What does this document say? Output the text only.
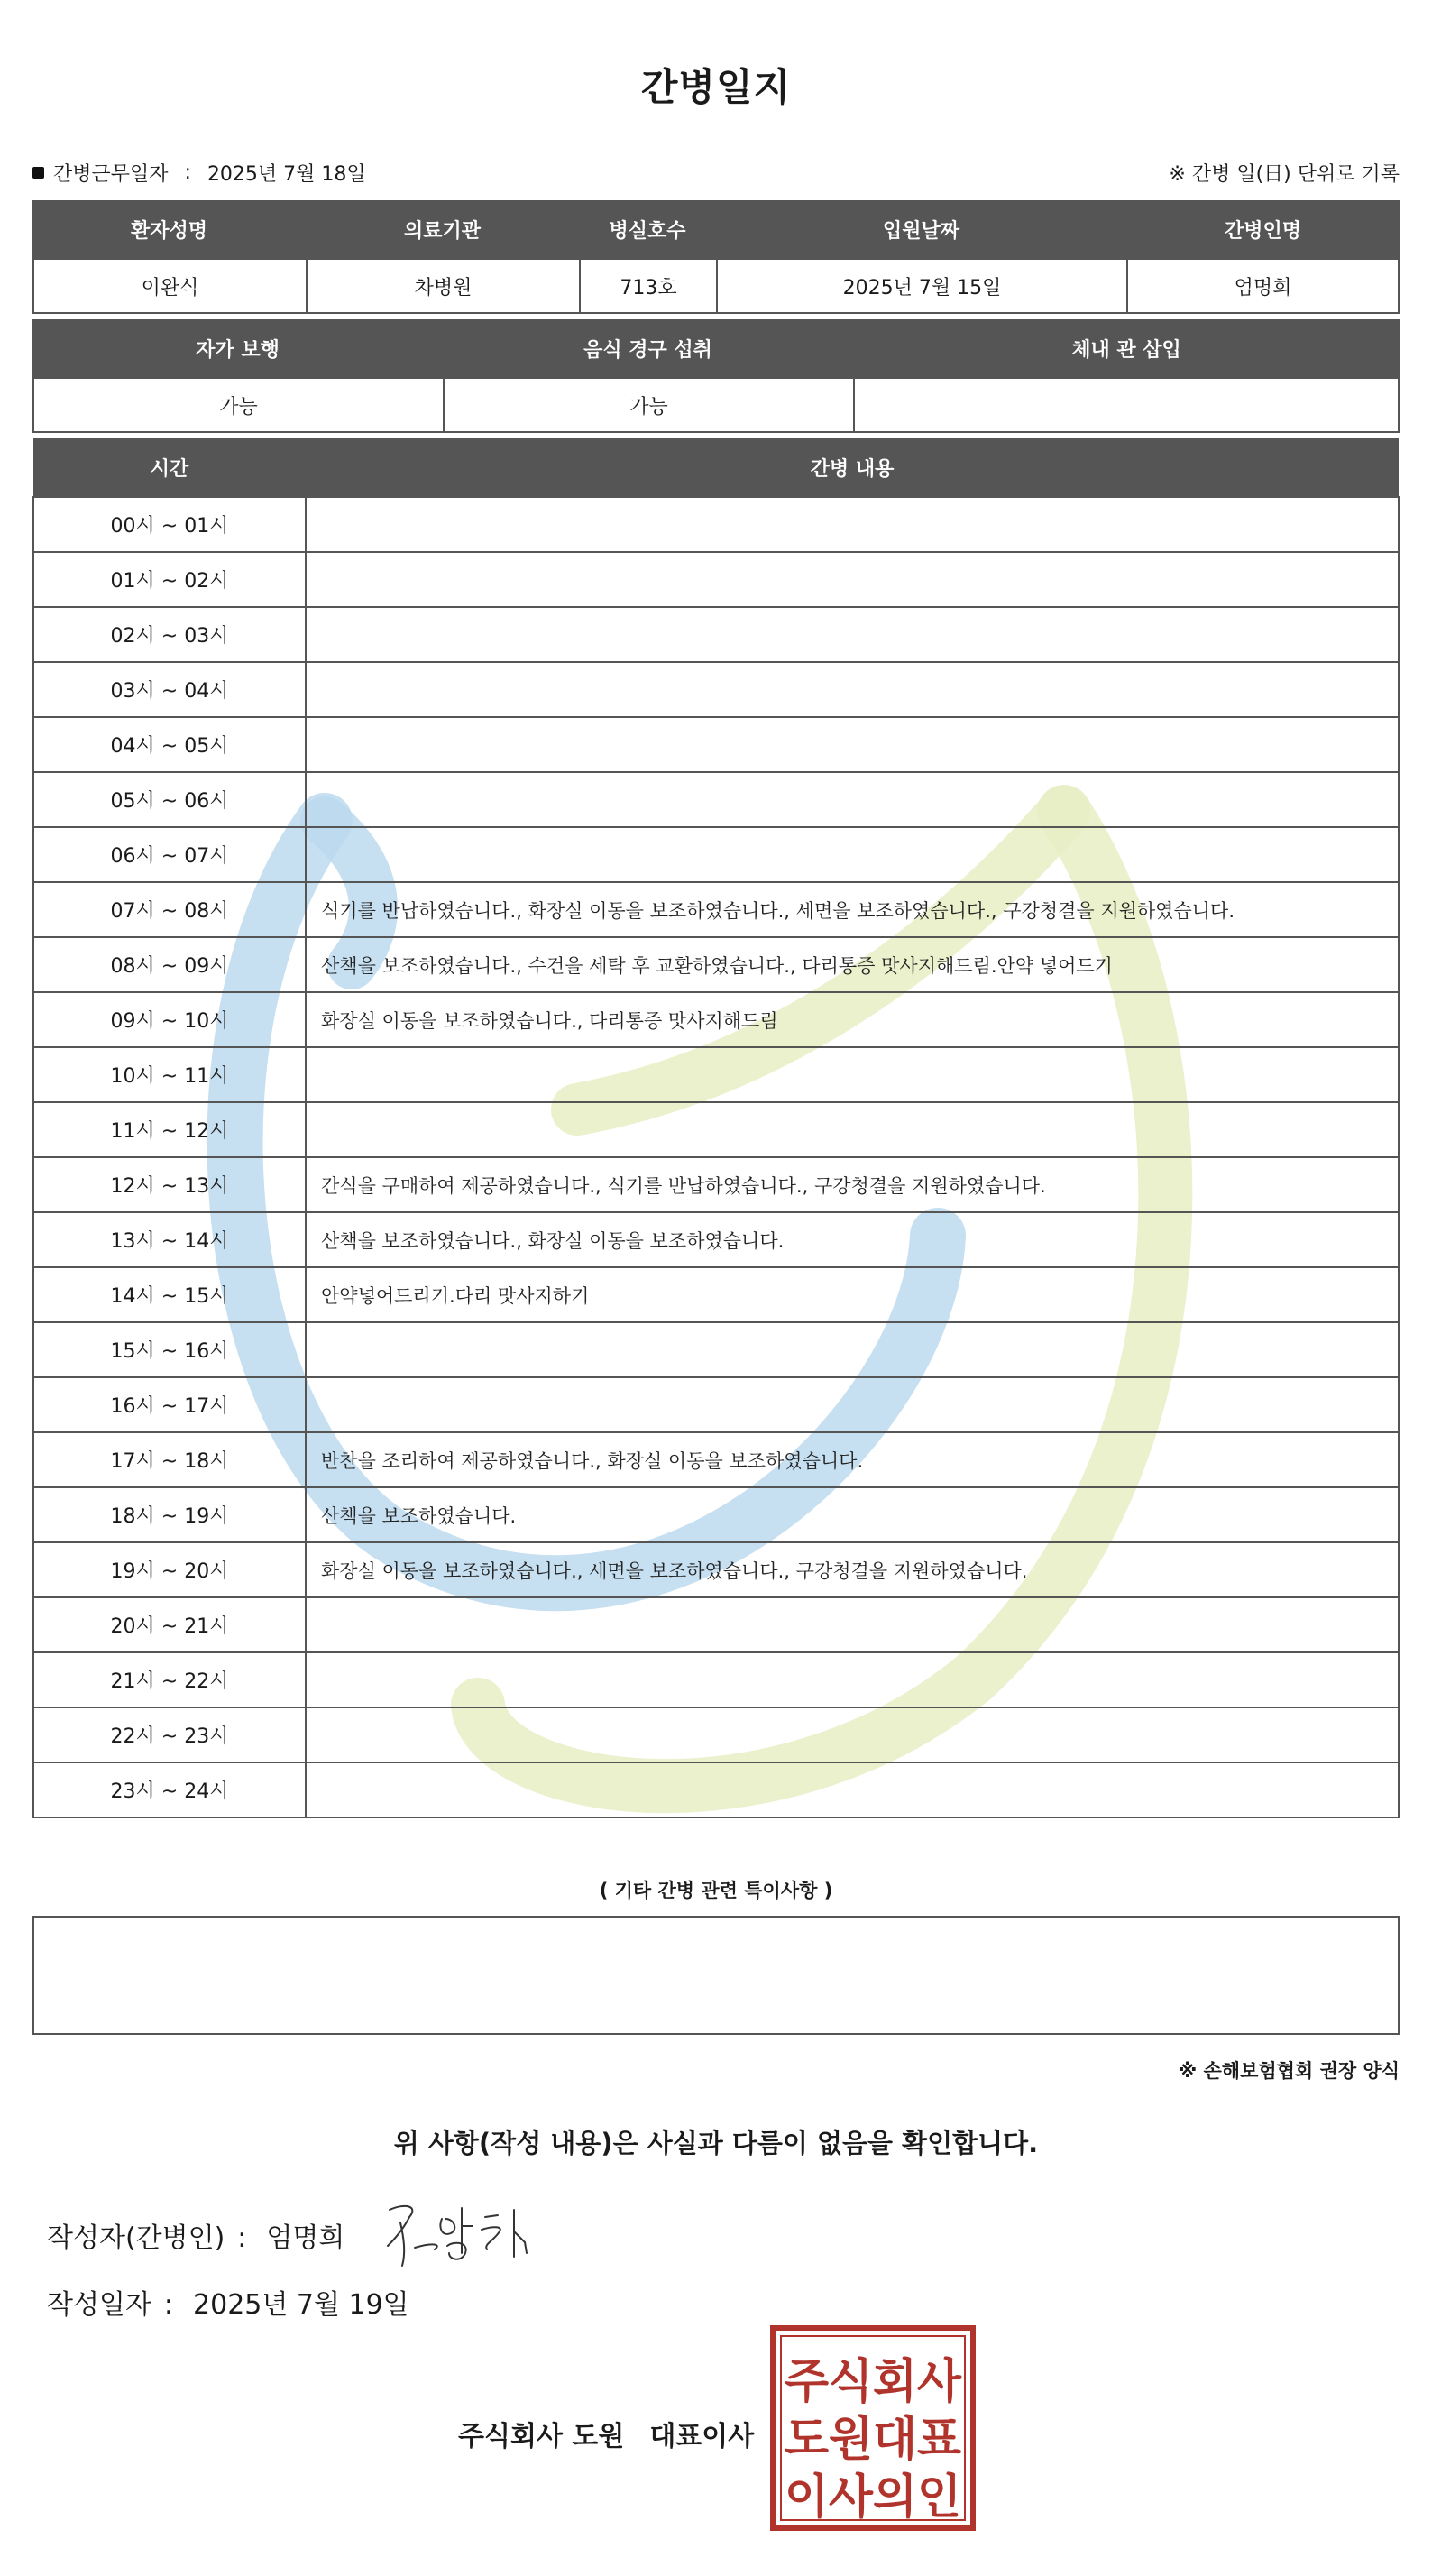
간병일지
간병근무일자 : 2025년 7월 18일	※ 간병 일(日) 단위로 기록
환자성명	의료기관	병실호수	입원날짜	간병인명
이완식	차병원	713호	2025년 7월 15일	엄명희
자가 보행	음식 경구 섭취	체내 관 삽입
가능	가능
시간	간병 내용
00시 ~ 01시	
01시 ~ 02시	
02시 ~ 03시	
03시 ~ 04시	
04시 ~ 05시	
05시 ~ 06시	
06시 ~ 07시	
07시 ~ 08시	식기를 반납하였습니다., 화장실 이동을 보조하였습니다., 세면을 보조하였습니다., 구강청결을 지원하였습니다.
08시 ~ 09시	산책을 보조하였습니다., 수건을 세탁 후 교환하였습니다., 다리통증 맛사지해드림.안약 넣어드기
09시 ~ 10시	화장실 이동을 보조하였습니다., 다리통증 맛사지해드림
10시 ~ 11시	
11시 ~ 12시	
12시 ~ 13시	간식을 구매하여 제공하였습니다., 식기를 반납하였습니다., 구강청결을 지원하였습니다.
13시 ~ 14시	산책을 보조하였습니다., 화장실 이동을 보조하였습니다.
14시 ~ 15시	안약넣어드리기.다리 맛사지하기
15시 ~ 16시	
16시 ~ 17시	
17시 ~ 18시	반찬을 조리하여 제공하였습니다., 화장실 이동을 보조하였습니다.
18시 ~ 19시	산책을 보조하였습니다.
19시 ~ 20시	화장실 이동을 보조하였습니다., 세면을 보조하였습니다., 구강청결을 지원하였습니다.
20시 ~ 21시	
21시 ~ 22시	
22시 ~ 23시	
23시 ~ 24시	
( 기타 간병 관련 특이사항 )
※ 손해보험협회 권장 양식
위 사항(작성 내용)은 사실과 다름이 없음을 확인합니다.
작성자(간병인) : 엄명희
작성일자 : 2025년 7월 19일
주식회사 도원 대표이사
주식회사
도원대표
이사의인
